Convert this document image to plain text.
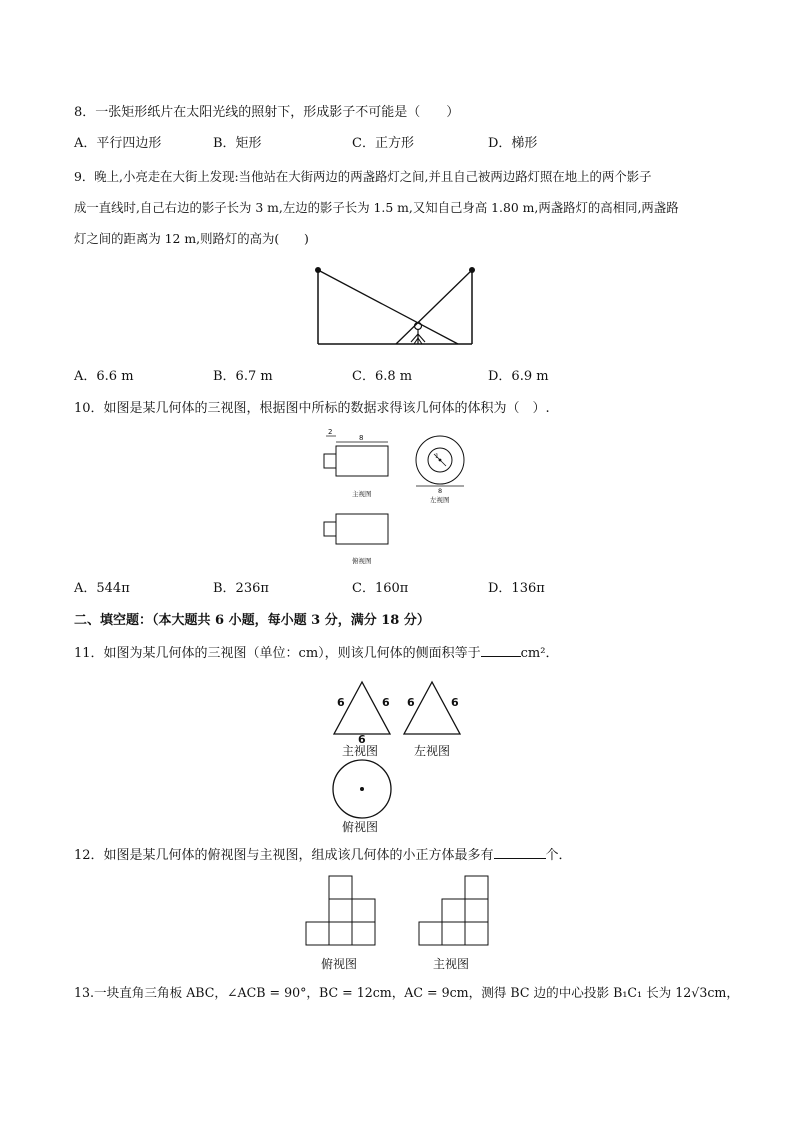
8．一张矩形纸片在太阳光线的照射下，形成影子不可能是（　　）
A．平行四边形	B．矩形	C．正方形	D．梯形
9．晚上,小亮走在大街上发现:当他站在大街两边的两盏路灯之间,并且自己被两边路灯照在地上的两个影子
成一直线时,自己右边的影子长为 3 m,左边的影子长为 1.5 m,又知自己身高 1.80 m,两盏路灯的高相同,两盏路
灯之间的距离为 12 m,则路灯的高为(　　)
A．6.6 m	B．6.7 m	C．6.8 m	D．6.9 m
10．如图是某几何体的三视图，根据图中所标的数据求得该几何体的体积为（　）.
2
8
主视图
1
8
左视图
俯视图
A．544π	B．236π	C．160π	D．136π
二、填空题：（本大题共 6 小题，每小题 3 分，满分 18 分）
11．如图为某几何体的三视图（单位：cm），则该几何体的侧面积等于	cm²．
6	6
6
主视图
6	6
左视图
俯视图
12．如图是某几何体的俯视图与主视图，组成该几何体的小正方体最多有	个．
俯视图	主视图
13.一块直角三角板 ABC，∠ACB = 90°，BC = 12cm，AC = 9cm，测得 BC 边的中心投影 B₁C₁ 长为 12√3cm，
